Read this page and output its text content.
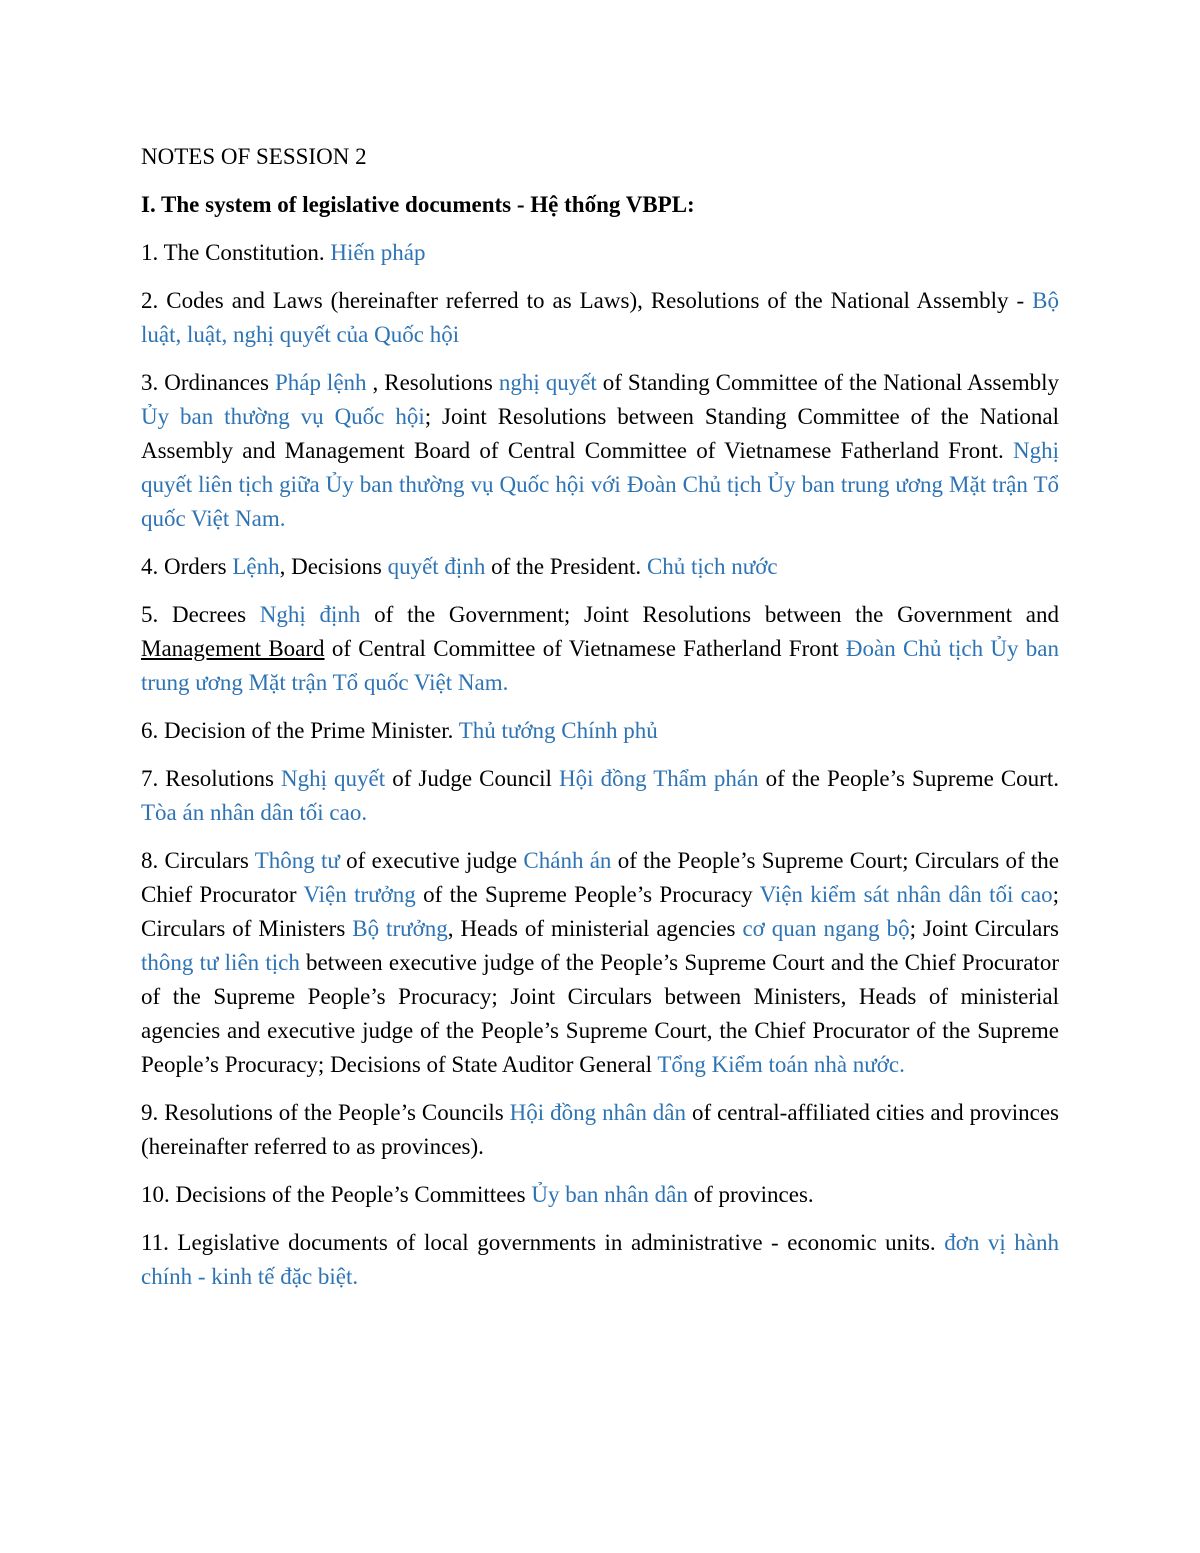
NOTES OF SESSION 2

I. The system of legislative documents - Hệ thống VBPL:

1. The Constitution. Hiến pháp

2. Codes and Laws (hereinafter referred to as Laws), Resolutions of the National Assembly - Bộ luật, luật, nghị quyết của Quốc hội

3. Ordinances Pháp lệnh , Resolutions nghị quyết of Standing Committee of the National Assembly Ủy ban thường vụ Quốc hội; Joint Resolutions between Standing Committee of the National Assembly and Management Board of Central Committee of Vietnamese Fatherland Front. Nghị quyết liên tịch giữa Ủy ban thường vụ Quốc hội với Đoàn Chủ tịch Ủy ban trung ương Mặt trận Tổ quốc Việt Nam.

4. Orders Lệnh, Decisions quyết định of the President. Chủ tịch nước

5. Decrees Nghị định of the Government; Joint Resolutions between the Government and Management Board of Central Committee of Vietnamese Fatherland Front Đoàn Chủ tịch Ủy ban trung ương Mặt trận Tổ quốc Việt Nam.

6. Decision of the Prime Minister. Thủ tướng Chính phủ

7. Resolutions Nghị quyết of Judge Council Hội đồng Thẩm phán of the People’s Supreme Court. Tòa án nhân dân tối cao.

8. Circulars Thông tư of executive judge Chánh án of the People’s Supreme Court; Circulars of the Chief Procurator Viện trưởng of the Supreme People’s Procuracy Viện kiểm sát nhân dân tối cao; Circulars of Ministers Bộ trưởng, Heads of ministerial agencies cơ quan ngang bộ; Joint Circulars thông tư liên tịch between executive judge of the People’s Supreme Court and the Chief Procurator of the Supreme People’s Procuracy; Joint Circulars between Ministers, Heads of ministerial agencies and executive judge of the People’s Supreme Court, the Chief Procurator of the Supreme People’s Procuracy; Decisions of State Auditor General Tổng Kiểm toán nhà nước.

9. Resolutions of the People’s Councils Hội đồng nhân dân of central-affiliated cities and provinces (hereinafter referred to as provinces).

10. Decisions of the People’s Committees Ủy ban nhân dân of provinces.

11. Legislative documents of local governments in administrative - economic units. đơn vị hành chính - kinh tế đặc biệt.
